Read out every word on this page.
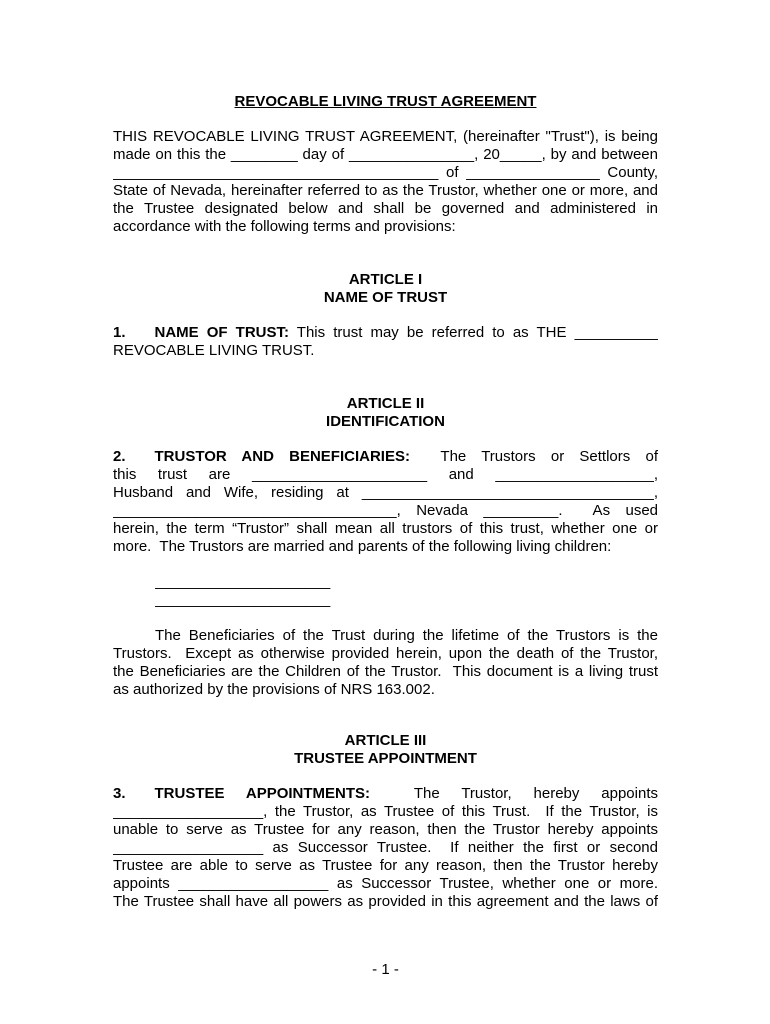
REVOCABLE LIVING TRUST AGREEMENT
THIS REVOCABLE LIVING TRUST AGREEMENT, (hereinafter "Trust"), is being
made on this the ________ day of _______________, 20_____, by and between
_______________________________________ of ________________ County,
State of Nevada, hereinafter referred to as the Trustor, whether one or more, and
the Trustee designated below and shall be governed and administered in
accordance with the following terms and provisions:
ARTICLE I
NAME OF TRUST
1. NAME OF TRUST: This trust may be referred to as THE __________
REVOCABLE LIVING TRUST.
ARTICLE II
IDENTIFICATION
2. TRUSTOR AND BENEFICIARIES:  The Trustors or Settlors of
this trust are _____________________ and ___________________,
Husband and Wife, residing at ___________________________________,
__________________________________, Nevada _________.  As used
herein, the term “Trustor” shall mean all trustors of this trust, whether one or
more.  The Trustors are married and parents of the following living children:
_____________________
_____________________
The Beneficiaries of the Trust during the lifetime of the Trustors is the
Trustors.  Except as otherwise provided herein, upon the death of the Trustor,
the Beneficiaries are the Children of the Trustor.  This document is a living trust
as authorized by the provisions of NRS 163.002.
ARTICLE III
TRUSTEE APPOINTMENT
3. TRUSTEE APPOINTMENTS:  The Trustor, hereby appoints
__________________, the Trustor, as Trustee of this Trust.  If the Trustor, is
unable to serve as Trustee for any reason, then the Trustor hereby appoints
__________________ as Successor Trustee.  If neither the first or second
Trustee are able to serve as Trustee for any reason, then the Trustor hereby
appoints __________________ as Successor Trustee, whether one or more.
The Trustee shall have all powers as provided in this agreement and the laws of
- 1 -
